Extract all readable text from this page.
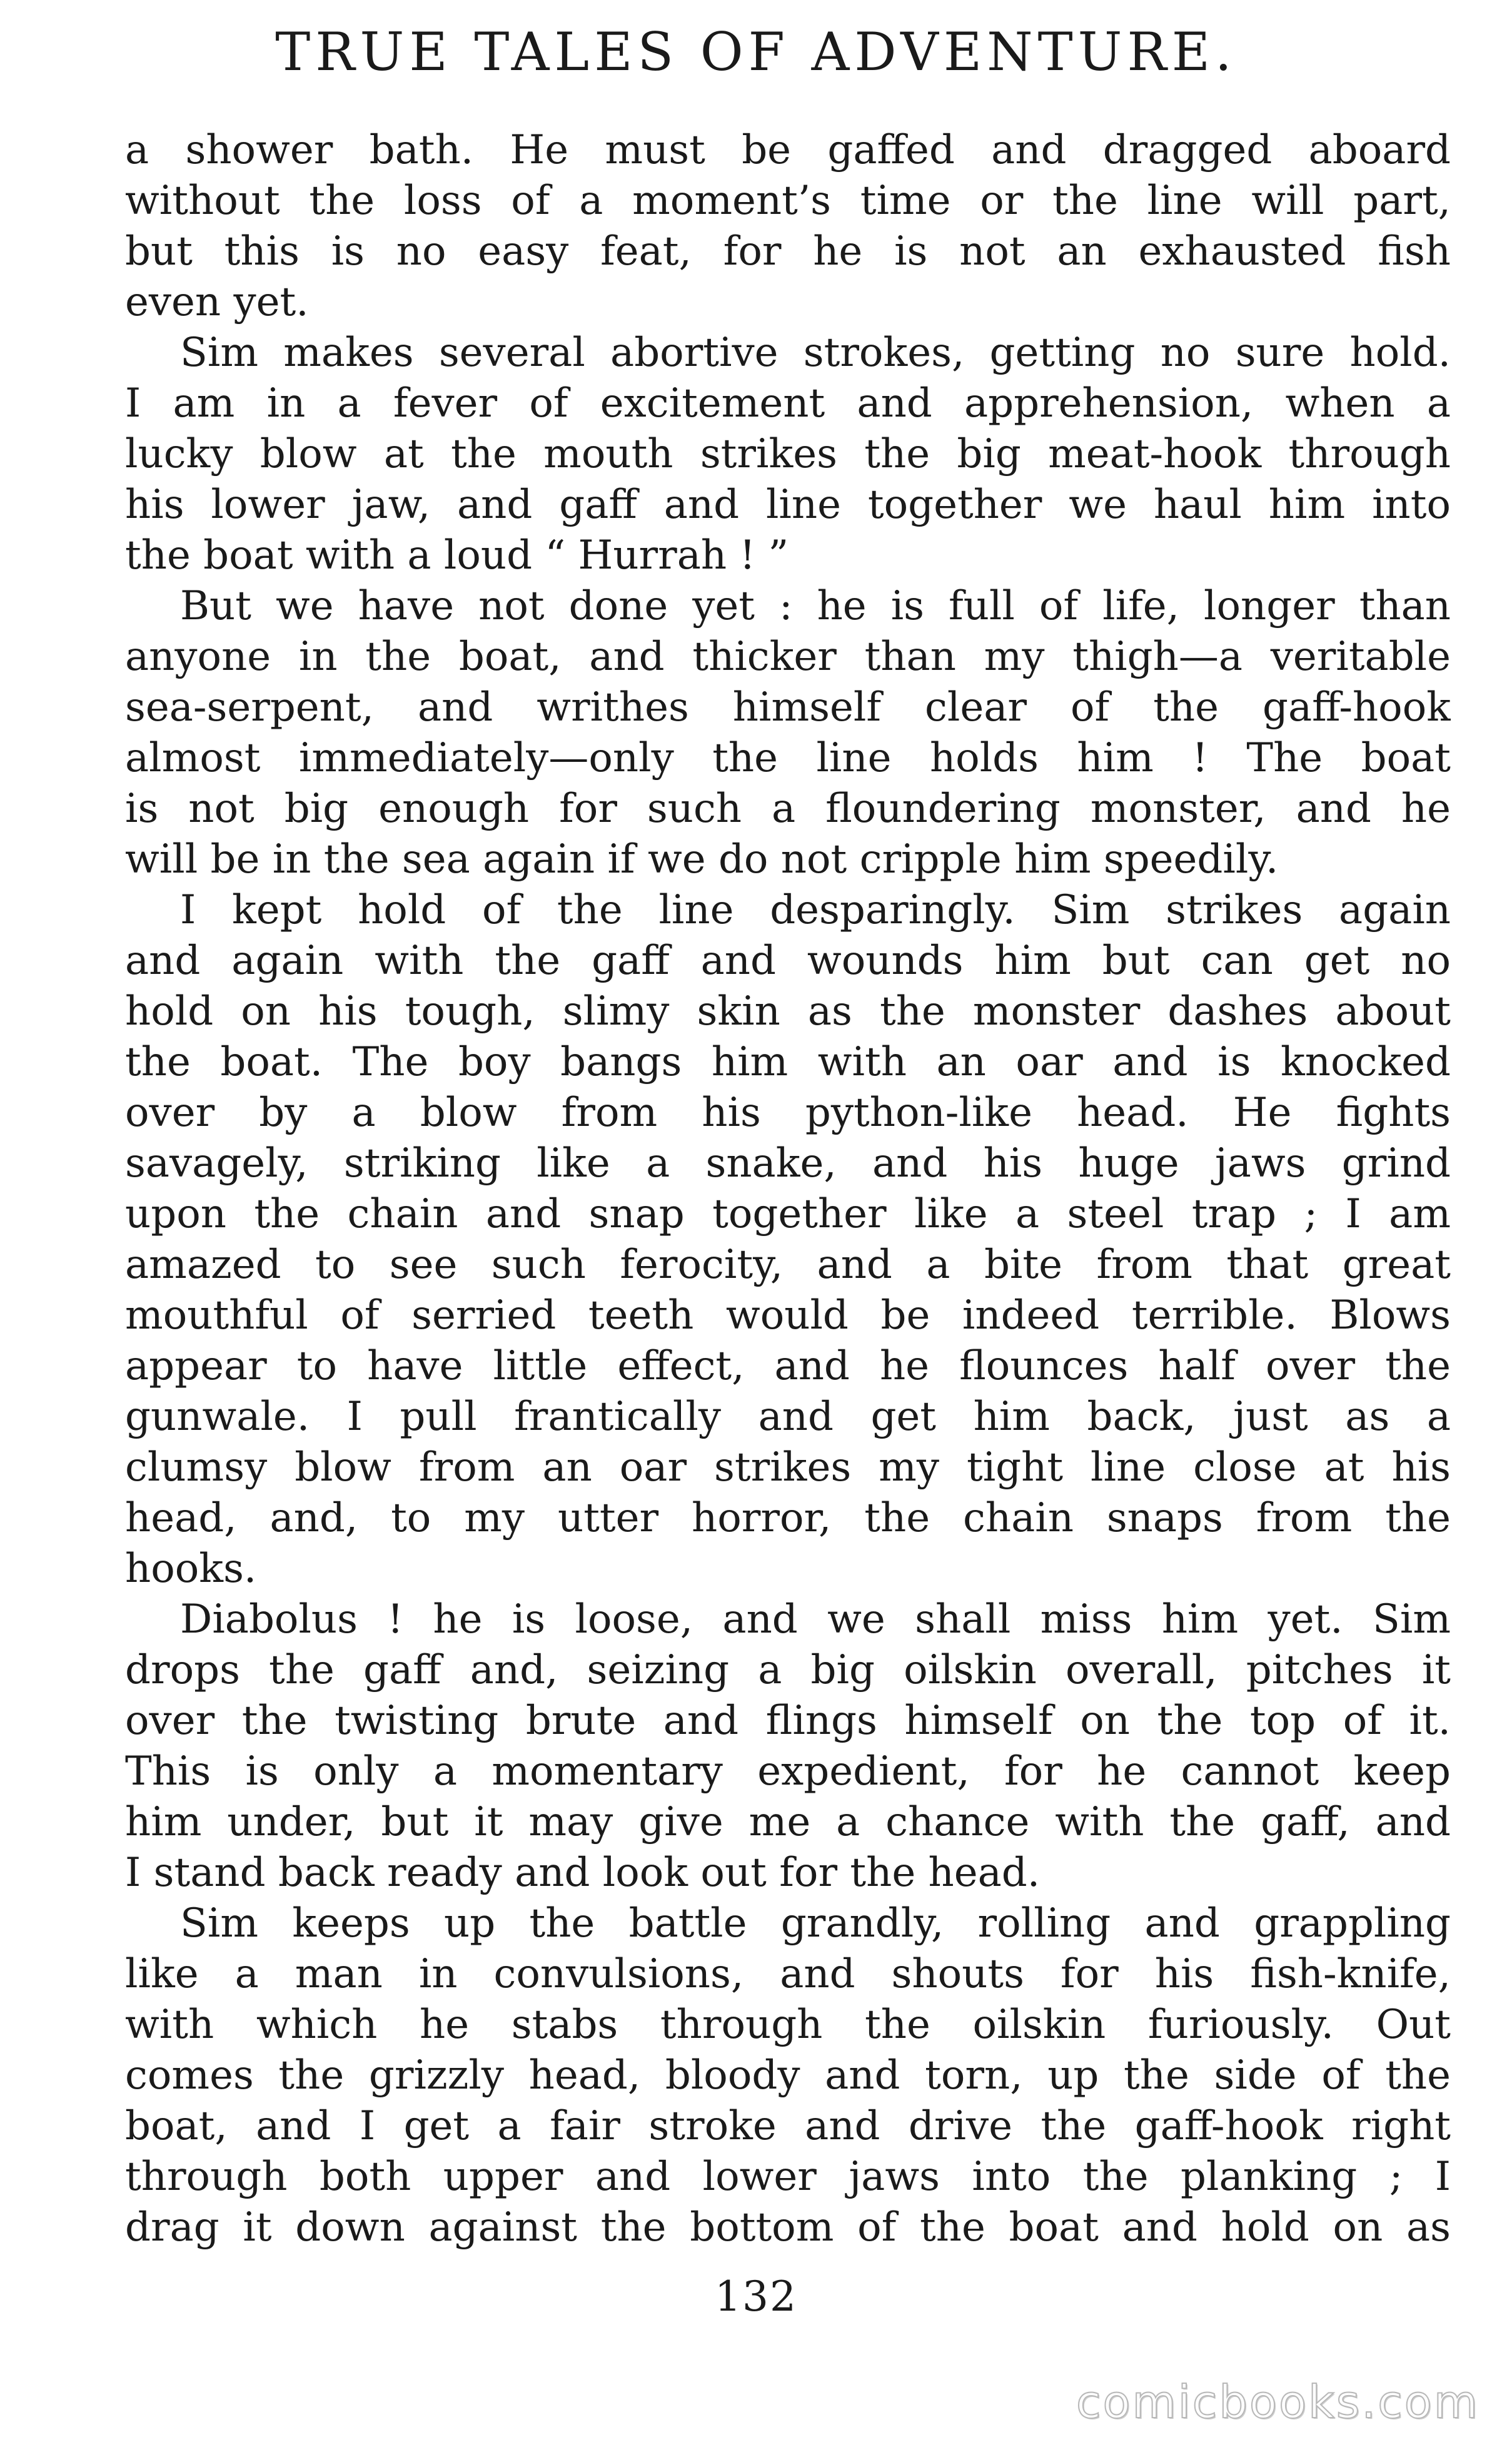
TRUE TALES OF ADVENTURE.
a shower bath. He must be gaffed and dragged aboard
without the loss of a moment’s time or the line will part,
but this is no easy feat, for he is not an exhausted fish
even yet.
Sim makes several abortive strokes, getting no sure hold.
I am in a fever of excitement and apprehension, when a
lucky blow at the mouth strikes the big meat-hook through
his lower jaw, and gaff and line together we haul him into
the boat with a loud “ Hurrah ! ”
But we have not done yet : he is full of life, longer than
anyone in the boat, and thicker than my thigh—a veritable
sea-serpent, and writhes himself clear of the gaff-hook
almost immediately—only the line holds him ! The boat
is not big enough for such a floundering monster, and he
will be in the sea again if we do not cripple him speedily.
I kept hold of the line desparingly. Sim strikes again
and again with the gaff and wounds him but can get no
hold on his tough, slimy skin as the monster dashes about
the boat. The boy bangs him with an oar and is knocked
over by a blow from his python-like head. He fights
savagely, striking like a snake, and his huge jaws grind
upon the chain and snap together like a steel trap ; I am
amazed to see such ferocity, and a bite from that great
mouthful of serried teeth would be indeed terrible. Blows
appear to have little effect, and he flounces half over the
gunwale. I pull frantically and get him back, just as a
clumsy blow from an oar strikes my tight line close at his
head, and, to my utter horror, the chain snaps from the
hooks.
Diabolus ! he is loose, and we shall miss him yet. Sim
drops the gaff and, seizing a big oilskin overall, pitches it
over the twisting brute and flings himself on the top of it.
This is only a momentary expedient, for he cannot keep
him under, but it may give me a chance with the gaff, and
I stand back ready and look out for the head.
Sim keeps up the battle grandly, rolling and grappling
like a man in convulsions, and shouts for his fish-knife,
with which he stabs through the oilskin furiously. Out
comes the grizzly head, bloody and torn, up the side of the
boat, and I get a fair stroke and drive the gaff-hook right
through both upper and lower jaws into the planking ; I
drag it down against the bottom of the boat and hold on as
132
comicbooks.com
